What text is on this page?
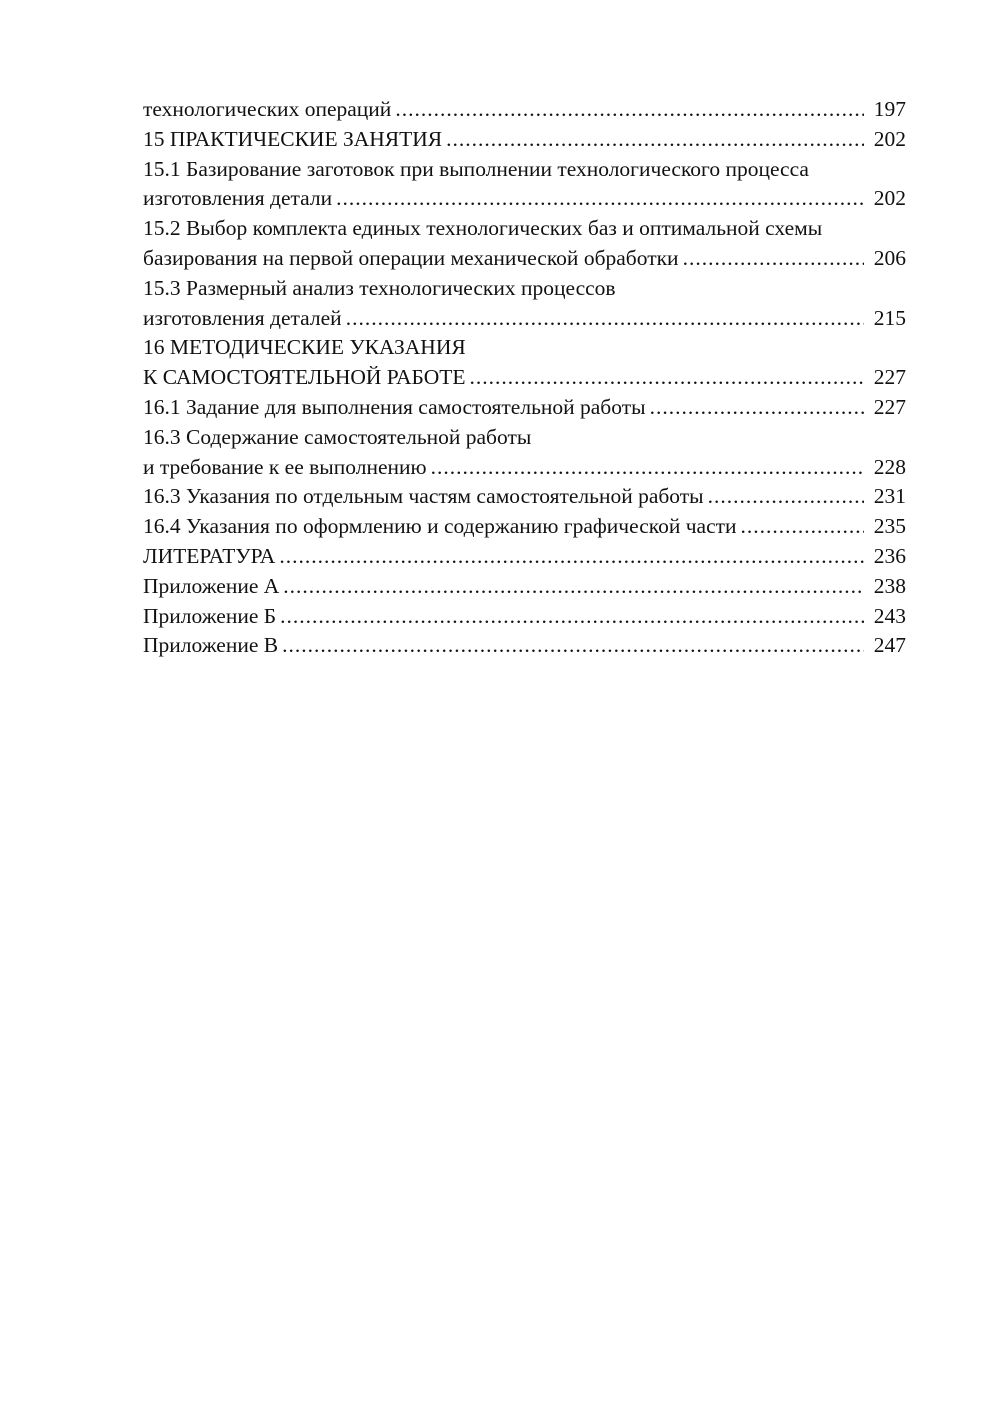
технологических операций .....	197
15 ПРАКТИЧЕСКИЕ ЗАНЯТИЯ .....	202
15.1 Базирование заготовок при выполнении технологического процесса
изготовления детали .....	202
15.2 Выбор комплекта единых технологических баз и оптимальной схемы
базирования на первой операции механической обработки .....	206
15.3 Размерный анализ технологических процессов
изготовления деталей .....	215
16 МЕТОДИЧЕСКИЕ УКАЗАНИЯ
К САМОСТОЯТЕЛЬНОЙ РАБОТЕ .....	227
16.1 Задание для выполнения самостоятельной работы .....	227
16.3 Содержание самостоятельной работы
и требование к ее выполнению .....	228
16.3 Указания по отдельным частям самостоятельной работы .....	231
16.4 Указания по оформлению и содержанию графической части .....	235
ЛИТЕРАТУРА .....	236
Приложение А .....	238
Приложение Б .....	243
Приложение В .....	247
